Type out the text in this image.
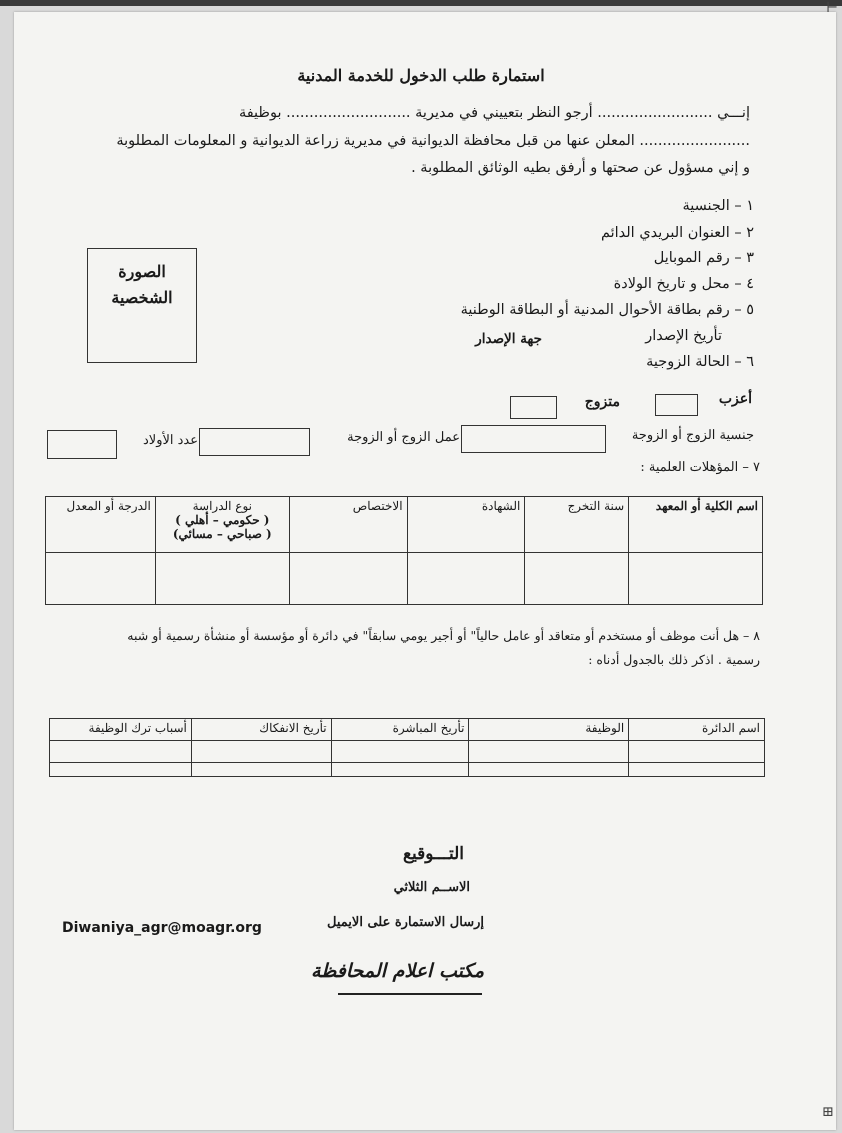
⊢
⊞
استمارة طلب الدخول للخدمة المدنية
إنـــي ......................... أرجو النظر بتعييني في مديرية ........................... بوظيفة
........................ المعلن عنها من قبل محافظة الديوانية في مديرية زراعة الديوانية و المعلومات المطلوبة
و إني مسؤول عن صحتها و أرفق بطيه الوثائق المطلوبة .
١ – الجنسية
٢ – العنوان البريدي الدائم
٣ – رقم الموبايل
٤ – محل و تاريخ الولادة
٥ – رقم بطاقة الأحوال المدنية أو البطاقة الوطنية
تأريخ الإصدار
جهة الإصدار
٦ – الحالة الزوجية
الصورة
الشخصية
أعزب
متزوج
جنسية الزوج أو الزوجة
عمل الزوج أو الزوجة
عدد الأولاد
٧ – المؤهلات العلمية :
اسم الكلية أو المعهد	سنة التخرج	الشهادة	الاختصاص	نوع الدراسة
( حكومي – أهلي )
( صباحي – مسائي)	الدرجة أو المعدل

٨ – هل أنت موظف أو مستخدم أو متعاقد أو عامل حالياً" أو أجير يومي سابقاً" في دائرة أو مؤسسة أو منشأة رسمية أو شبه
رسمية . اذكر ذلك بالجدول أدناه :
اسم الدائرة	الوظيفة	تأريخ المباشرة	تأريخ الانفكاك	أسباب ترك الوظيفة

التـــوقيع
الاســم الثلاثي
إرسال الاستمارة على الايميل
Diwaniya_agr@moagr.org
مكتب اعلام المحافظة
